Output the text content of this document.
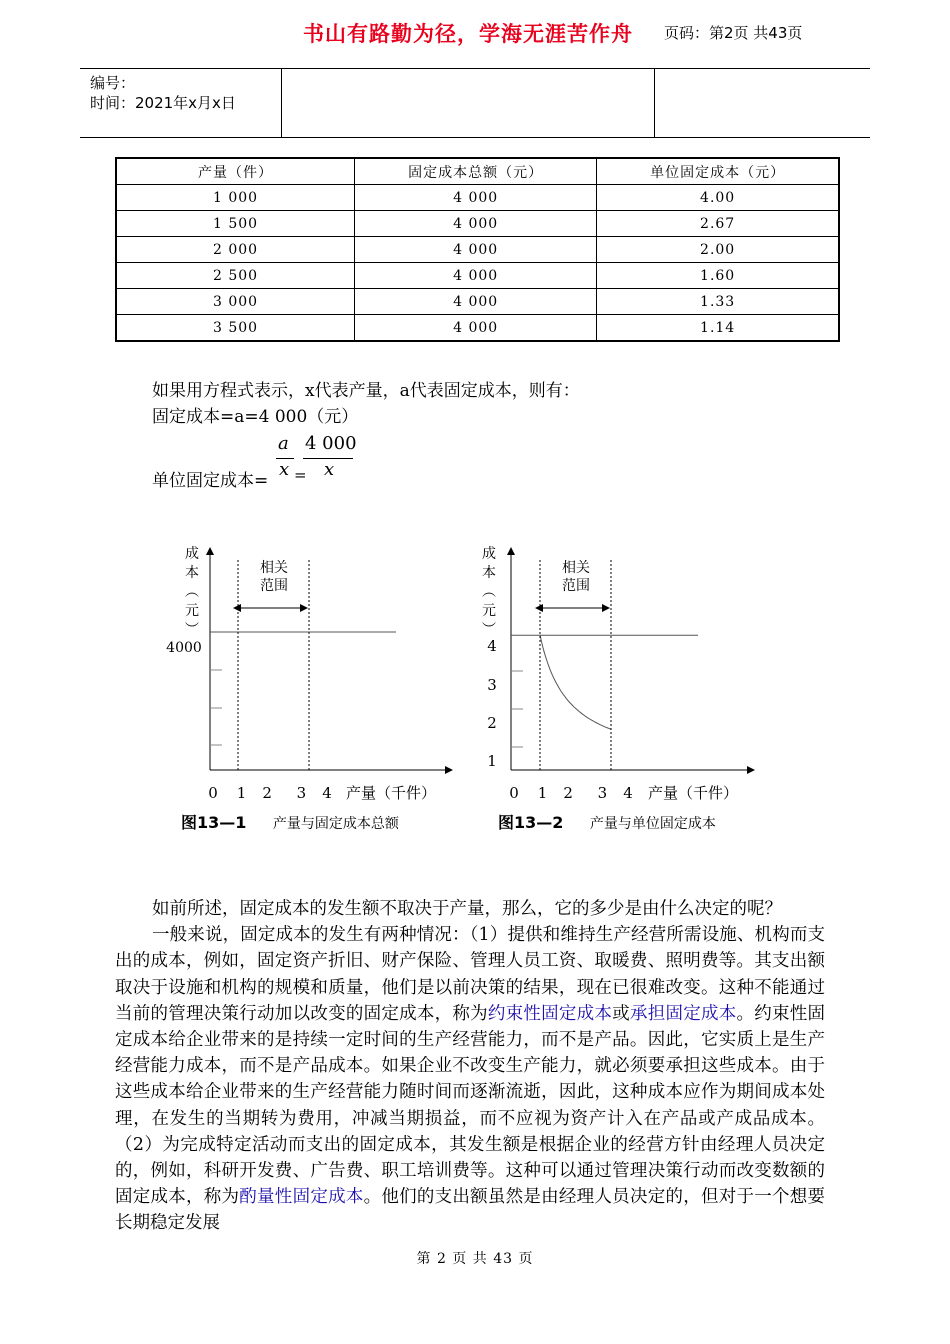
编号：
时间：2021年x月x日
书山有路勤为径，学海无涯苦作舟	页码：第2页 共43页
产量（件）	固定成本总额（元）	单位固定成本（元）
1 000	4 000	4.00
1 500	4 000	2.67
2 000	4 000	2.00
2 500	4 000	1.60
3 000	4 000	1.33
3 500	4 000	1.14
如果用方程式表示，x代表产量，a代表固定成本，则有：
固定成本=a=4 000（元）
单位固定成本=
a
x =
4 000
x
相关
范围
成本︵元︶
4000
0 1 2 3 4 产量（千件）
相关
范围
成本︵元︶
1
2
3
4
0 1 2 3 4 产量（千件）
图13—1 产量与固定成本总额	图13—2 产量与单位固定成本

如前所述，固定成本的发生额不取决于产量，那么，它的多少是由什么决定的呢？

一般来说，固定成本的发生有两种情况：（1）提供和维持生产经营所需设施、机构而支出的成本，例如，固定资产折旧、财产保险、管理人员工资、取暖费、照明费等。其支出额取决于设施和机构的规模和质量，他们是以前决策的结果，现在已很难改变。这种不能通过当前的管理决策行动加以改变的固定成本，称为约束性固定成本或承担固定成本。约束性固定成本给企业带来的是持续一定时间的生产经营能力，而不是产品。因此，它实质上是生产经营能力成本，而不是产品成本。如果企业不改变生产能力，就必须要承担这些成本。由于这些成本给企业带来的生产经营能力随时间而逐渐流逝，因此，这种成本应作为期间成本处理，在发生的当期转为费用，冲减当期损益，而不应视为资产计入在产品或产成品成本。（2）为完成特定活动而支出的固定成本，其发生额是根据企业的经营方针由经理人员决定的，例如，科研开发费、广告费、职工培训费等。这种可以通过管理决策行动而改变数额的固定成本，称为酌量性固定成本。他们的支出额虽然是由经理人员决定的，但对于一个想要长期稳定发展

第 2 页 共 43 页
